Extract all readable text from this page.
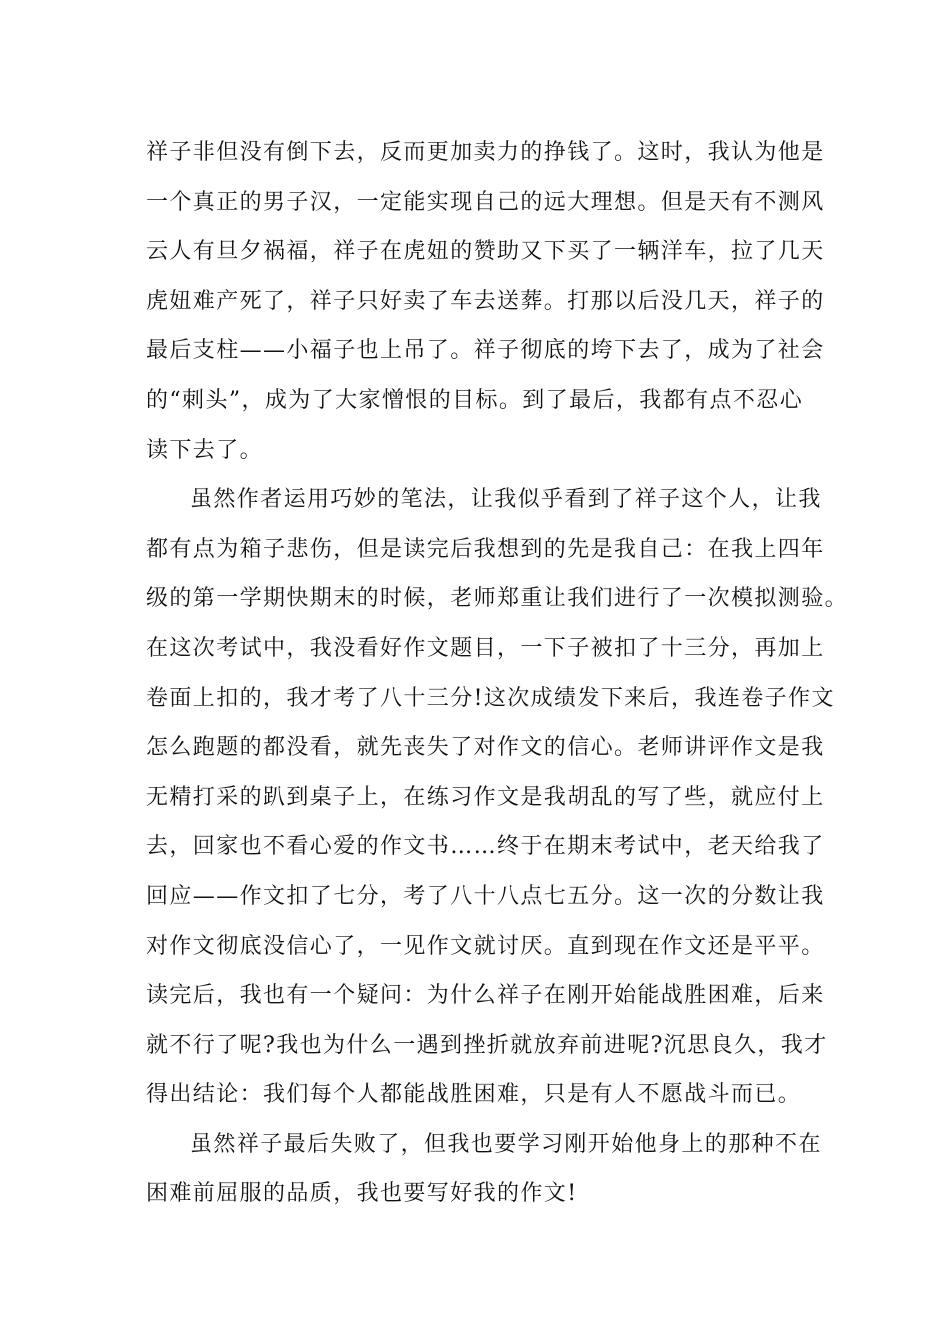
祥子非但没有倒下去，反而更加卖力的挣钱了。这时，我认为他是
一个真正的男子汉，一定能实现自己的远大理想。但是天有不测风
云人有旦夕祸福，祥子在虎妞的赞助又下买了一辆洋车，拉了几天
虎妞难产死了，祥子只好卖了车去送葬。打那以后没几天，祥子的
最后支柱——小福子也上吊了。祥子彻底的垮下去了，成为了社会
的“刺头”，成为了大家憎恨的目标。到了最后，我都有点不忍心
读下去了。
虽然作者运用巧妙的笔法，让我似乎看到了祥子这个人，让我
都有点为箱子悲伤，但是读完后我想到的先是我自己：在我上四年
级的第一学期快期末的时候，老师郑重让我们进行了一次模拟测验。
在这次考试中，我没看好作文题目，一下子被扣了十三分，再加上
卷面上扣的，我才考了八十三分!这次成绩发下来后，我连卷子作文
怎么跑题的都没看，就先丧失了对作文的信心。老师讲评作文是我
无精打采的趴到桌子上，在练习作文是我胡乱的写了些，就应付上
去，回家也不看心爱的作文书……终于在期末考试中，老天给我了
回应——作文扣了七分，考了八十八点七五分。这一次的分数让我
对作文彻底没信心了，一见作文就讨厌。直到现在作文还是平平。
读完后，我也有一个疑问：为什么祥子在刚开始能战胜困难，后来
就不行了呢?我也为什么一遇到挫折就放弃前进呢?沉思良久，我才
得出结论：我们每个人都能战胜困难，只是有人不愿战斗而已。
虽然祥子最后失败了，但我也要学习刚开始他身上的那种不在
困难前屈服的品质，我也要写好我的作文!
